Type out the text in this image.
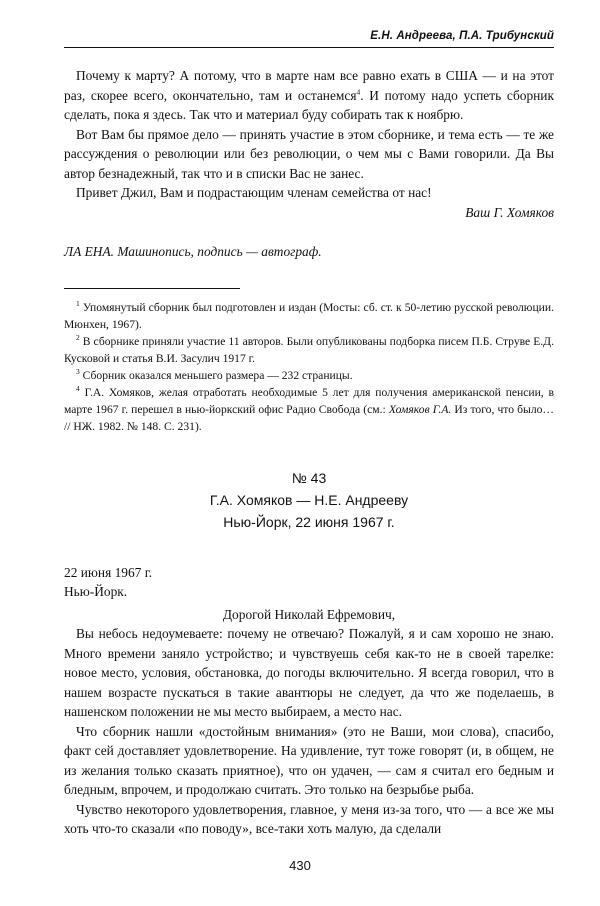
Е.Н. Андреева, П.А. Трибунский

Почему к марту? А потому, что в марте нам все равно ехать в США — и на этот раз, скорее всего, окончательно, там и останемся$^4$. И потому надо успеть сборник сделать, пока я здесь. Так что и материал буду собирать так к ноябрю.

Вот Вам бы прямое дело — принять участие в этом сборнике, и тема есть — те же рассуждения о революции или без революции, о чем мы с Вами говорили. Да Вы автор безнадежный, так что и в списки Вас не занес.

Привет Джил, Вам и подрастающим членам семейства от нас!

Ваш Г. Хомяков

ЛА ЕНА. Машинопись, подпись — автограф.

$^1$ Упомянутый сборник был подготовлен и издан (Мосты: сб. ст. к 50-летию русской революции. Мюнхен, 1967).

$^2$ В сборнике приняли участие 11 авторов. Были опубликованы подборка писем П.Б. Струве Е.Д. Кусковой и статья В.И. Засулич 1917 г.

$^3$ Сборник оказался меньшего размера — 232 страницы.

$^4$ Г.А. Хомяков, желая отработать необходимые 5 лет для получения американской пенсии, в марте 1967 г. перешел в нью-йоркский офис Радио Свобода (см.: Хомяков Г.А. Из того, что было… // НЖ. 1982. № 148. С. 231).

№ 43
Г.А. Хомяков — Н.Е. Андрееву
Нью-Йорк, 22 июня 1967 г.

22 июня 1967 г.

Нью-Йорк.

Дорогой Николай Ефремович,

Вы небось недоумеваете: почему не отвечаю? Пожалуй, я и сам хорошо не знаю. Много времени заняло устройство; и чувствуешь себя как-то не в своей тарелке: новое место, условия, обстановка, до погоды включительно. Я всегда говорил, что в нашем возрасте пускаться в такие авантюры не следует, да что же поделаешь, в нашенском положении не мы место выбираем, а место нас.

Что сборник нашли «достойным внимания» (это не Ваши, мои слова), спасибо, факт сей доставляет удовлетворение. На удивление, тут тоже говорят (и, в общем, не из желания только сказать приятное), что он удачен, — сам я считал его бедным и бледным, впрочем, и продолжаю считать. Это только на безрыбье рыба.

Чувство некоторого удовлетворения, главное, у меня из-за того, что — а все же мы хоть что-то сказали «по поводу», все-таки хоть малую, да сделали

430
